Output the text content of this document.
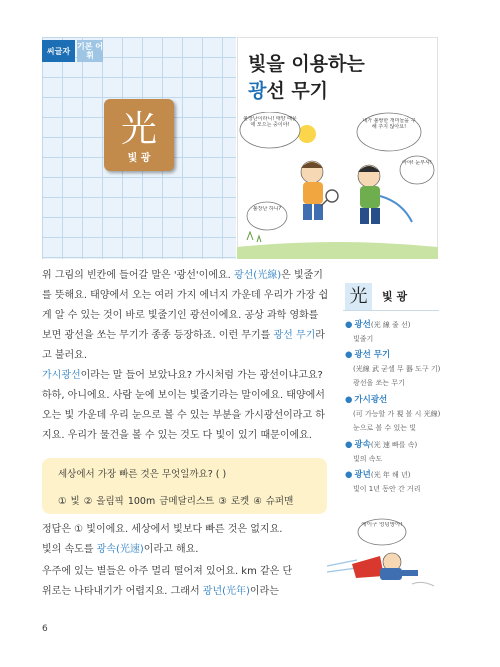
씨글자 기본 어휘
光
빛 광
빛을 이용하는
광선 무기
불장난이라니! 태양 때문에 모으는 중이야!
내가 불쌍한 개미들을 구해 주지 않아요!
아야! 눈부셔!
불장난 하니?
위 그림의 빈칸에 들어갈 말은 '광선'이에요. 광선(光線)은 빛줄기
를 뜻해요. 태양에서 오는 여러 가지 에너지 가운데 우리가 가장 쉽
게 알 수 있는 것이 바로 빛줄기인 광선이에요. 공상 과학 영화를
보면 광선을 쏘는 무기가 종종 등장하죠. 이런 무기를 광선 무기라
고 불러요.
가시광선이라는 말 들어 보았나요? 가시처럼 가는 광선이냐고요?
하하, 아니에요. 사람 눈에 보이는 빛줄기라는 말이에요. 태양에서
오는 빛 가운데 우리 눈으로 볼 수 있는 부분을 가시광선이라고 하
지요. 우리가 물건을 볼 수 있는 것도 다 빛이 있기 때문이에요.
세상에서 가장 빠른 것은 무엇일까요? ( )
① 빛 ② 올림픽 100m 금메달리스트 ③ 로켓 ④ 슈퍼맨
정답은 ① 빛이에요. 세상에서 빛보다 빠른 것은 없지요.
빛의 속도를 광속(光速)이라고 해요.
우주에 있는 별들은 아주 멀리 떨어져 있어요. km 같은 단
위로는 나타내기가 어렵지요. 그래서 광년(光年)이라는
光	빛 광
● 광선(光 線 줄 선)
빛줄기
● 광선 무기
(光線 武 굳셀 무 器 도구 기)
광선을 쏘는 무기
● 가시광선
(可 가능할 가 視 볼 시 光線)
눈으로 볼 수 있는 빛
● 광속(光 速 빠를 속)
빛의 속도
● 광년(光 年 해 년)
빛이 1년 동안 간 거리
에이구 엉덩방아!
6
